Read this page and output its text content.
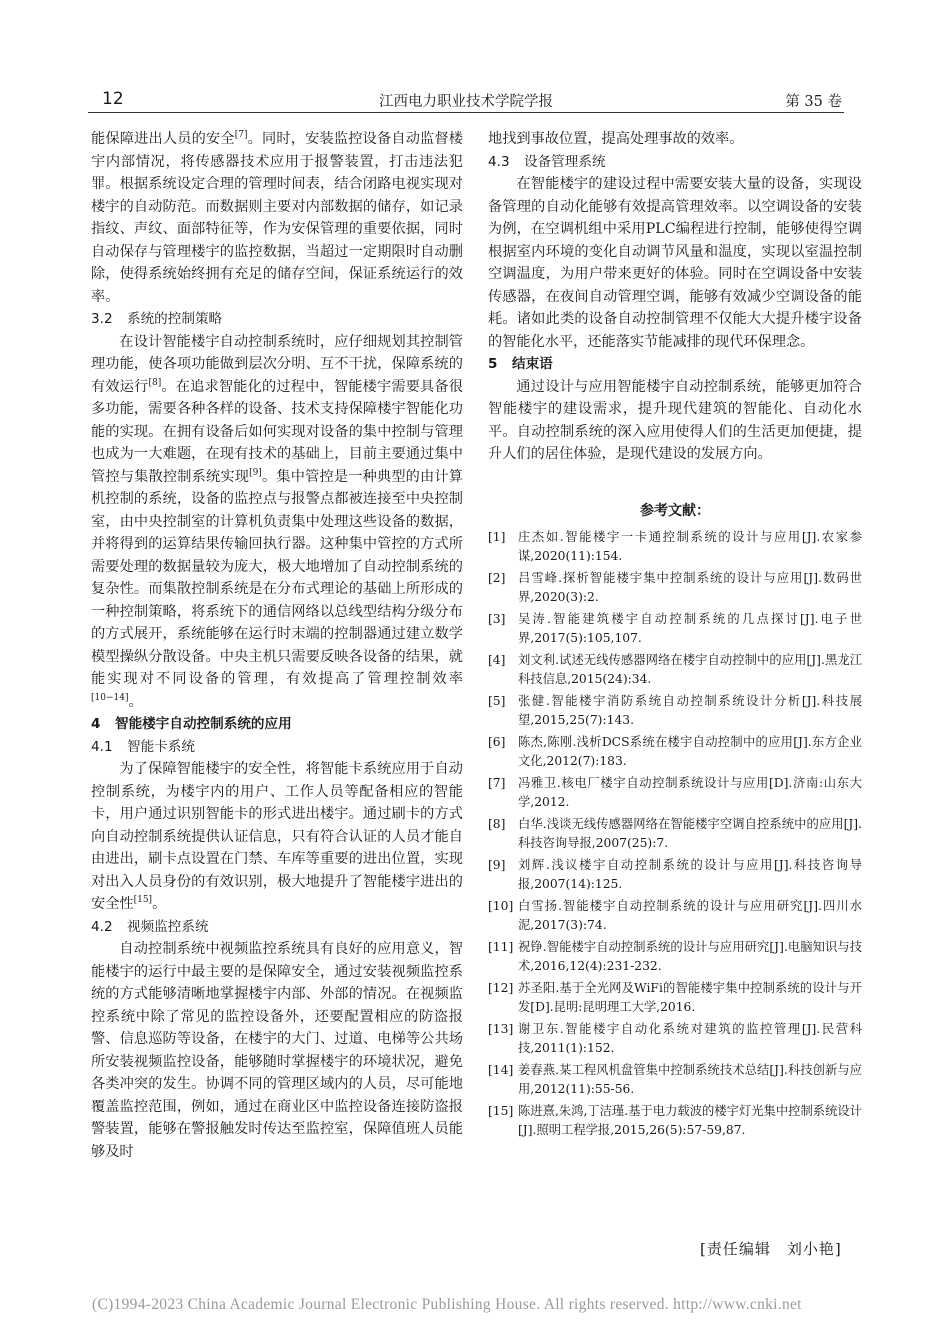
12	江西电力职业技术学院学报	第 35 卷

能保障进出人员的安全[7]。同时，安装监控设备自动监督楼宇内部情况，将传感器技术应用于报警装置，打击违法犯罪。根据系统设定合理的管理时间表，结合闭路电视实现对楼宇的自动防范。而数据则主要对内部数据的储存，如记录指纹、声纹、面部特征等，作为安保管理的重要依据，同时自动保存与管理楼宇的监控数据，当超过一定期限时自动删除，使得系统始终拥有充足的储存空间，保证系统运行的效率。

3.2 系统的控制策略

在设计智能楼宇自动控制系统时，应仔细规划其控制管理功能，使各项功能做到层次分明、互不干扰，保障系统的有效运行[8]。在追求智能化的过程中，智能楼宇需要具备很多功能，需要各种各样的设备、技术支持保障楼宇智能化功能的实现。在拥有设备后如何实现对设备的集中控制与管理也成为一大难题，在现有技术的基础上，目前主要通过集中管控与集散控制系统实现[9]。集中管控是一种典型的由计算机控制的系统，设备的监控点与报警点都被连接至中央控制室，由中央控制室的计算机负责集中处理这些设备的数据，并将得到的运算结果传输回执行器。这种集中管控的方式所需要处理的数据量较为庞大，极大地增加了自动控制系统的复杂性。而集散控制系统是在分布式理论的基础上所形成的一种控制策略，将系统下的通信网络以总线型结构分级分布的方式展开，系统能够在运行时末端的控制器通过建立数学模型操纵分散设备。中央主机只需要反映各设备的结果，就能实现对不同设备的管理，有效提高了管理控制效率[10−14]。

4 智能楼宇自动控制系统的应用
4.1 智能卡系统

为了保障智能楼宇的安全性，将智能卡系统应用于自动控制系统，为楼宇内的用户、工作人员等配备相应的智能卡，用户通过识别智能卡的形式进出楼宇。通过刷卡的方式向自动控制系统提供认证信息，只有符合认证的人员才能自由进出，刷卡点设置在门禁、车库等重要的进出位置，实现对出入人员身份的有效识别，极大地提升了智能楼宇进出的安全性[15]。

4.2 视频监控系统

自动控制系统中视频监控系统具有良好的应用意义，智能楼宇的运行中最主要的是保障安全，通过安装视频监控系统的方式能够清晰地掌握楼宇内部、外部的情况。在视频监控系统中除了常见的监控设备外，还要配置相应的防盗报警、信息巡防等设备，在楼宇的大门、过道、电梯等公共场所安装视频监控设备，能够随时掌握楼宇的环境状况，避免各类冲突的发生。协调不同的管理区域内的人员，尽可能地覆盖监控范围，例如，通过在商业区中监控设备连接防盗报警装置，能够在警报触发时传达至监控室，保障值班人员能够及时

地找到事故位置，提高处理事故的效率。

4.3 设备管理系统

在智能楼宇的建设过程中需要安装大量的设备，实现设备管理的自动化能够有效提高管理效率。以空调设备的安装为例，在空调机组中采用PLC编程进行控制，能够使得空调根据室内环境的变化自动调节风量和温度，实现以室温控制空调温度，为用户带来更好的体验。同时在空调设备中安装传感器，在夜间自动管理空调，能够有效减少空调设备的能耗。诸如此类的设备自动控制管理不仅能大大提升楼宇设备的智能化水平，还能落实节能减排的现代环保理念。

5 结束语

通过设计与应用智能楼宇自动控制系统，能够更加符合智能楼宇的建设需求，提升现代建筑的智能化、自动化水平。自动控制系统的深入应用使得人们的生活更加便捷，提升人们的居住体验，是现代建设的发展方向。

参考文献：
[1] 庄杰如.智能楼宇一卡通控制系统的设计与应用[J].农家参谋,2020(11):154.
[2] 吕雪峰.探析智能楼宇集中控制系统的设计与应用[J].数码世界,2020(3):2.
[3] 吴涛.智能建筑楼宇自动控制系统的几点探讨[J].电子世界,2017(5):105,107.
[4] 刘文利.试述无线传感器网络在楼宇自动控制中的应用[J].黑龙江科技信息,2015(24):34.
[5] 张健.智能楼宇消防系统自动控制系统设计分析[J].科技展望,2015,25(7):143.
[6] 陈杰,陈刚.浅析DCS系统在楼宇自动控制中的应用[J].东方企业文化,2012(7):183.
[7] 冯雅卫.核电厂楼宇自动控制系统设计与应用[D].济南:山东大学,2012.
[8] 白华.浅谈无线传感器网络在智能楼宇空调自控系统中的应用[J].科技咨询导报,2007(25):7.
[9] 刘辉.浅议楼宇自动控制系统的设计与应用[J].科技咨询导报,2007(14):125.
[10] 白雪扬.智能楼宇自动控制系统的设计与应用研究[J].四川水泥,2017(3):74.
[11] 祝铮.智能楼宇自动控制系统的设计与应用研究[J].电脑知识与技术,2016,12(4):231-232.
[12] 苏圣阳.基于全光网及WiFi的智能楼宇集中控制系统的设计与开发[D].昆明:昆明理工大学,2016.
[13] 谢卫东.智能楼宇自动化系统对建筑的监控管理[J].民营科技,2011(1):152.
[14] 姜春燕.某工程风机盘管集中控制系统技术总结[J].科技创新与应用,2012(11):55-56.
[15] 陈进熹,朱鸿,丁洁瑾.基于电力载波的楼宇灯光集中控制系统设计[J].照明工程学报,2015,26(5):57-59,87.
[责任编辑　刘小艳]
(C)1994-2023 China Academic Journal Electronic Publishing House. All rights reserved. http://www.cnki.net
